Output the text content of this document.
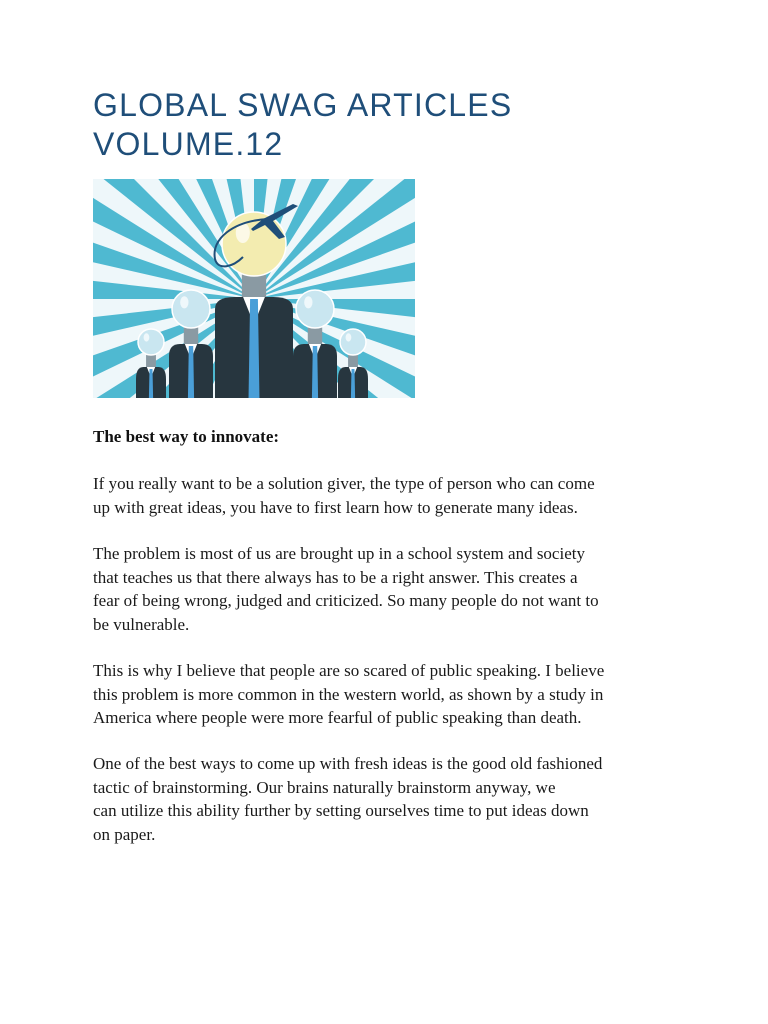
GLOBAL SWAG ARTICLES
VOLUME.12

The best way to innovate:

If you really want to be a solution giver, the type of person who can come
up with great ideas, you have to first learn how to generate many ideas.

The problem is most of us are brought up in a school system and society
that teaches us that there always has to be a right answer. This creates a
fear of being wrong, judged and criticized. So many people do not want to
be vulnerable.

This is why I believe that people are so scared of public speaking. I believe
this problem is more common in the western world, as shown by a study in
America where people were more fearful of public speaking than death.

One of the best ways to come up with fresh ideas is the good old fashioned
tactic of brainstorming. Our brains naturally brainstorm anyway, we
can utilize this ability further by setting ourselves time to put ideas down
on paper.
